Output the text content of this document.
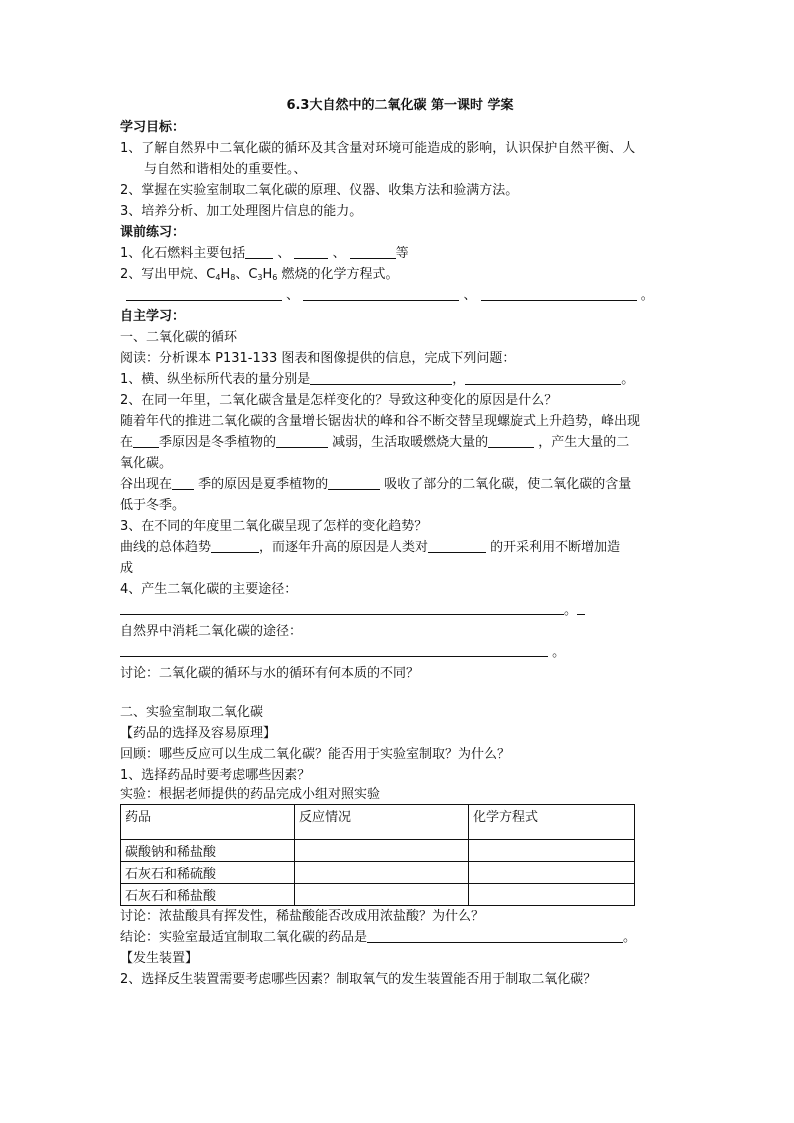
6.3大自然中的二氧化碳 第一课时 学案
学习目标：
1、了解自然界中二氧化碳的循环及其含量对环境可能造成的影响，认识保护自然平衡、人
与自然和谐相处的重要性。、
2、掌握在实验室制取二氧化碳的原理、仪器、收集方法和验满方法。
3、培养分析、加工处理图片信息的能力。
课前练习：
1、化石燃料主要包括 、	、	等
2、写出甲烷、$C_4H_8$、$C_3H_6$ 燃烧的化学方程式。
、	、	。
自主学习：
一、二氧化碳的循环
阅读：分析课本 P131-133 图表和图像提供的信息，完成下列问题：
1、横、纵坐标所代表的量分别是	，	。
2、在同一年里，二氧化碳含量是怎样变化的？导致这种变化的原因是什么？
随着年代的推进二氧化碳的含量增长锯齿状的峰和谷不断交替呈现螺旋式上升趋势，峰出现
在 季原因是冬季植物的	减弱，生活取暖燃烧大量的	，产生大量的二
氧化碳。
谷出现在 季的原因是夏季植物的	吸收了部分的二氧化碳，使二氧化碳的含量
低于冬季。
3、在不同的年度里二氧化碳呈现了怎样的变化趋势？
曲线的总体趋势	，而逐年升高的原因是人类对	的开采利用不断增加造
成
4、产生二氧化碳的主要途径：
。
自然界中消耗二氧化碳的途径：
。
讨论：二氧化碳的循环与水的循环有何本质的不同？
二、实验室制取二氧化碳
【药品的选择及容易原理】
回顾：哪些反应可以生成二氧化碳？能否用于实验室制取？为什么？
1、选择药品时要考虑哪些因素？
实验：根据老师提供的药品完成小组对照实验
药品	反应情况	化学方程式
碳酸钠和稀盐酸		
石灰石和稀硫酸		
石灰石和稀盐酸		
讨论：浓盐酸具有挥发性，稀盐酸能否改成用浓盐酸？为什么？
结论：实验室最适宜制取二氧化碳的药品是	。
【发生装置】
2、选择反生装置需要考虑哪些因素？制取氧气的发生装置能否用于制取二氧化碳？
